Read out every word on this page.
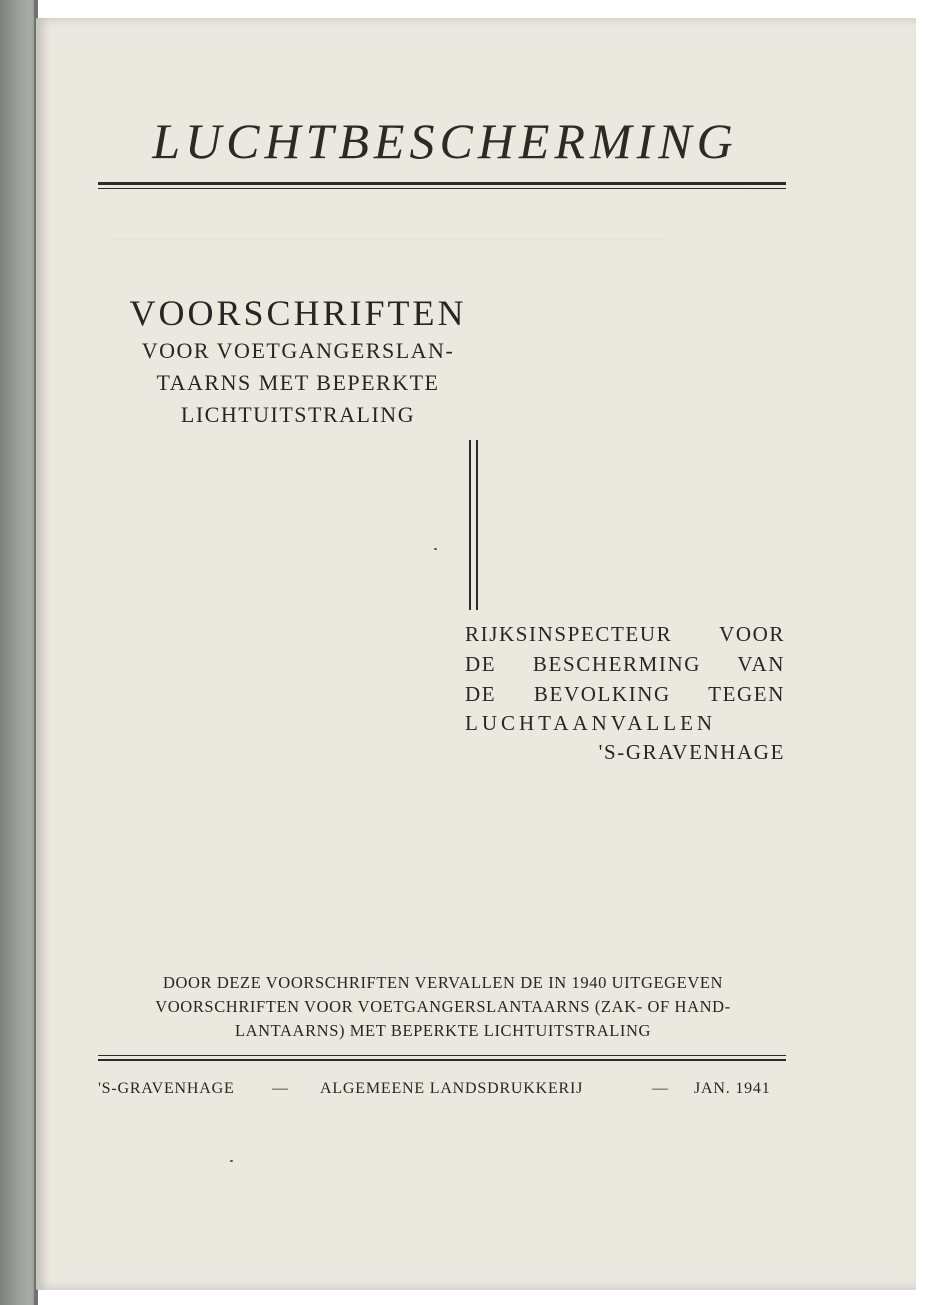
LUCHTBESCHERMING
VOORSCHRIFTEN
VOOR VOETGANGERSLAN-
TAARNS MET BEPERKTE
LICHTUITSTRALING
RIJKSINSPECTEUR VOOR
DE BESCHERMING VAN
DE BEVOLKING TEGEN
LUCHTAANVALLEN
'S-GRAVENHAGE
DOOR DEZE VOORSCHRIFTEN VERVALLEN DE IN 1940 UITGEGEVEN
VOORSCHRIFTEN VOOR VOETGANGERSLANTAARNS (ZAK- OF HAND-
LANTAARNS) MET BEPERKTE LICHTUITSTRALING
'S-GRAVENHAGE — ALGEMEENE LANDSDRUKKERIJ	— JAN. 1941
